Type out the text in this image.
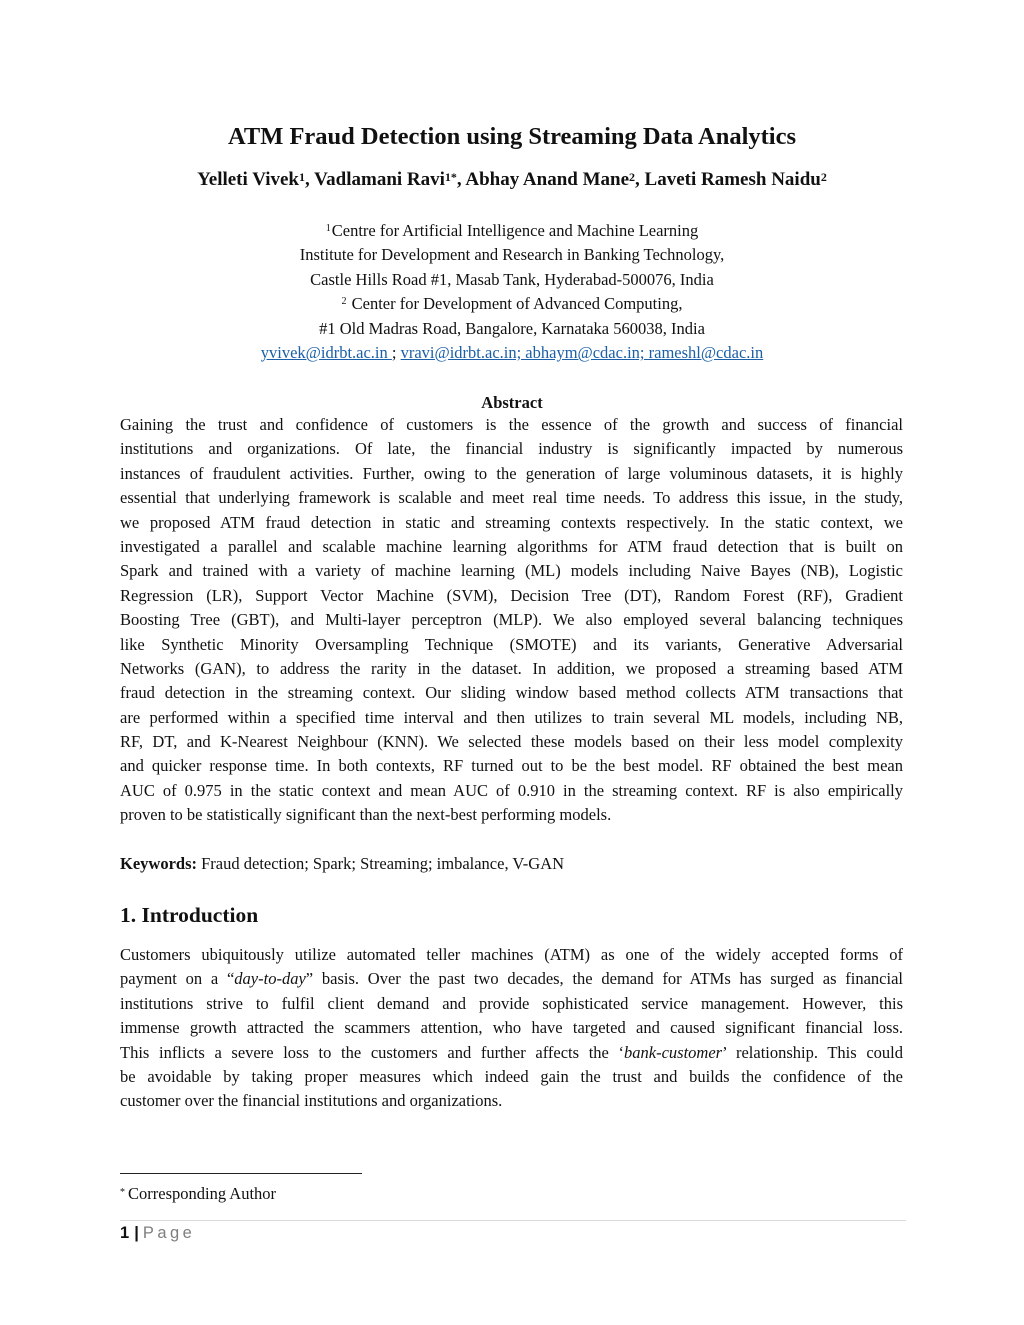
ATM Fraud Detection using Streaming Data Analytics
Yelleti Vivek$^1$, Vadlamani Ravi$^{1*}$, Abhay Anand Mane$^2$, Laveti Ramesh Naidu$^2$
$^1$Centre for Artificial Intelligence and Machine Learning
Institute for Development and Research in Banking Technology,
Castle Hills Road #1, Masab Tank, Hyderabad-500076, India
$^2$ Center for Development of Advanced Computing,
#1 Old Madras Road, Bangalore, Karnataka 560038, India
yvivek@idrbt.ac.in ; vravi@idrbt.ac.in; abhaym@cdac.in; rameshl@cdac.in
Abstract
Gaining the trust and confidence of customers is the essence of the growth and success of financial
institutions and organizations. Of late, the financial industry is significantly impacted by numerous
instances of fraudulent activities. Further, owing to the generation of large voluminous datasets, it is highly
essential that underlying framework is scalable and meet real time needs. To address this issue, in the study,
we proposed ATM fraud detection in static and streaming contexts respectively. In the static context, we
investigated a parallel and scalable machine learning algorithms for ATM fraud detection that is built on
Spark and trained with a variety of machine learning (ML) models including Naive Bayes (NB), Logistic
Regression (LR), Support Vector Machine (SVM), Decision Tree (DT), Random Forest (RF), Gradient
Boosting Tree (GBT), and Multi-layer perceptron (MLP). We also employed several balancing techniques
like Synthetic Minority Oversampling Technique (SMOTE) and its variants, Generative Adversarial
Networks (GAN), to address the rarity in the dataset. In addition, we proposed a streaming based ATM
fraud detection in the streaming context. Our sliding window based method collects ATM transactions that
are performed within a specified time interval and then utilizes to train several ML models, including NB,
RF, DT, and K-Nearest Neighbour (KNN). We selected these models based on their less model complexity
and quicker response time. In both contexts, RF turned out to be the best model. RF obtained the best mean
AUC of 0.975 in the static context and mean AUC of 0.910 in the streaming context. RF is also empirically
proven to be statistically significant than the next-best performing models.
Keywords: Fraud detection; Spark; Streaming; imbalance, V-GAN
1. Introduction
Customers ubiquitously utilize automated teller machines (ATM) as one of the widely accepted forms of
payment on a “day-to-day” basis. Over the past two decades, the demand for ATMs has surged as financial
institutions strive to fulfil client demand and provide sophisticated service management. However, this
immense growth attracted the scammers attention, who have targeted and caused significant financial loss.
This inflicts a severe loss to the customers and further affects the ‘bank-customer’ relationship. This could
be avoidable by taking proper measures which indeed gain the trust and builds the confidence of the
customer over the financial institutions and organizations.
* Corresponding Author
1 | Page
